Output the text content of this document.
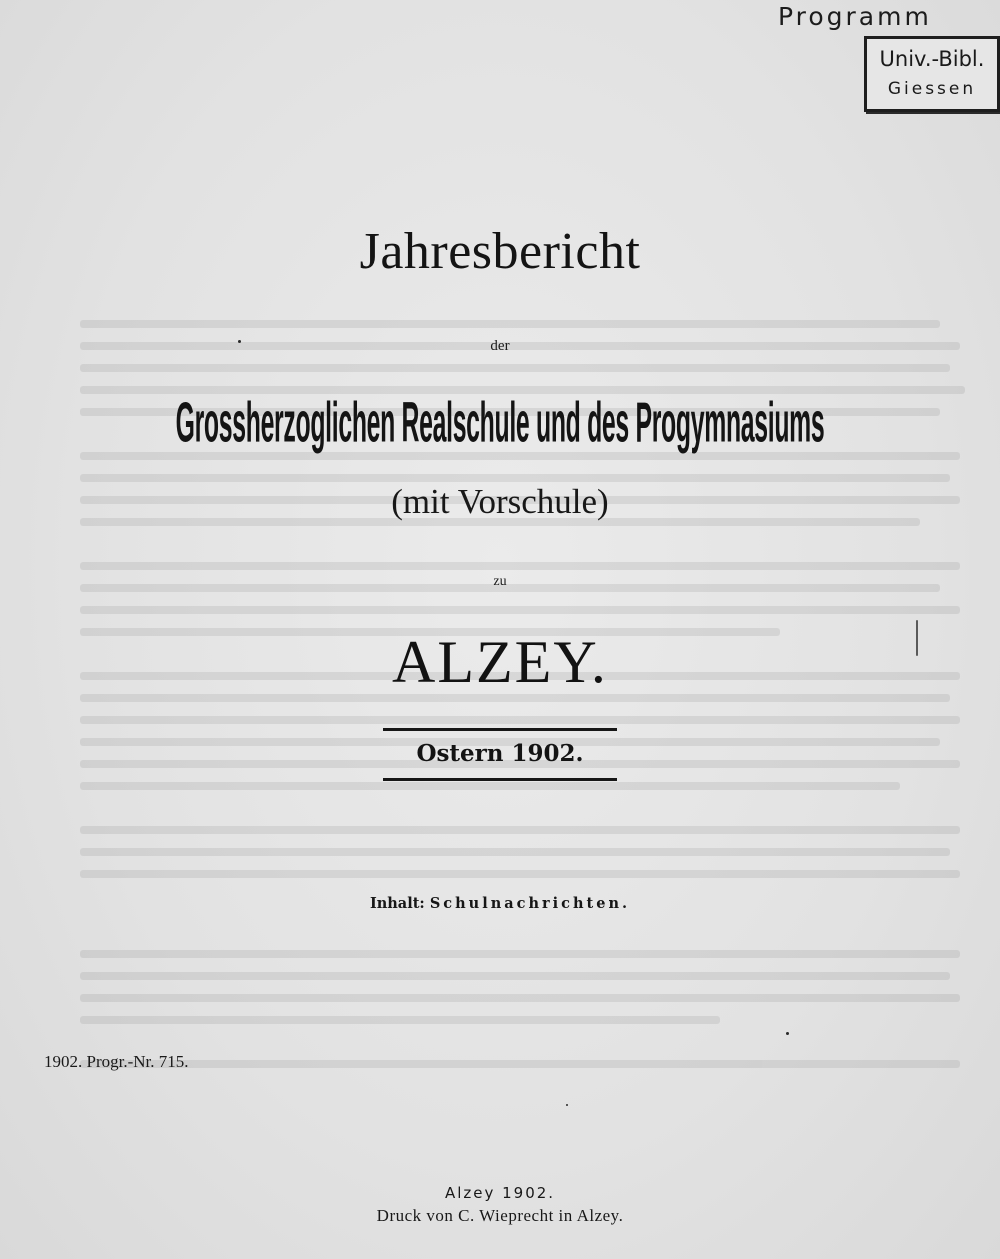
Programm
Univ.-Bibl.
Giessen
Jahresbericht
der
Grossherzoglichen Realschule und des Progymnasiums
(mit Vorschule)
zu
ALZEY.
Ostern 1902.
Inhalt: Schulnachrichten.
1902. Progr.-Nr. 715.
Alzey 1902.
Druck von C. Wieprecht in Alzey.
